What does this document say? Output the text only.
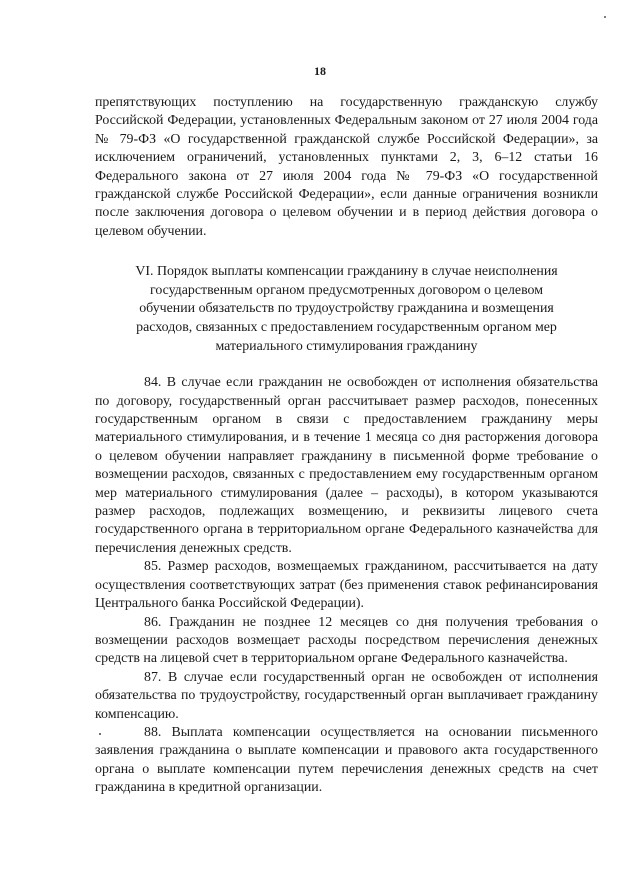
18

препятствующих поступлению на государственную гражданскую службу Российской Федерации, установленных Федеральным законом от 27 июля 2004 года № 79-ФЗ «О государственной гражданской службе Российской Федерации», за исключением ограничений, установленных пунктами 2, 3, 6–12 статьи 16 Федерального закона от 27 июля 2004 года № 79-ФЗ «О государственной гражданской службе Российской Федерации», если данные ограничения возникли после заключения договора о целевом обучении и в период действия договора о целевом обучении.

VI. Порядок выплаты компенсации гражданину в случае неисполнения государственным органом предусмотренных договором о целевом обучении обязательств по трудоустройству гражданина и возмещения расходов, связанных с предоставлением государственным органом мер материального стимулирования гражданину

84. В случае если гражданин не освобожден от исполнения обязательства по договору, государственный орган рассчитывает размер расходов, понесенных государственным органом в связи с предоставлением гражданину меры материального стимулирования, и в течение 1 месяца со дня расторжения договора о целевом обучении направляет гражданину в письменной форме требование о возмещении расходов, связанных с предоставлением ему государственным органом мер материального стимулирования (далее – расходы), в котором указываются размер расходов, подлежащих возмещению, и реквизиты лицевого счета государственного органа в территориальном органе Федерального казначейства для перечисления денежных средств.

85. Размер расходов, возмещаемых гражданином, рассчитывается на дату осуществления соответствующих затрат (без применения ставок рефинансирования Центрального банка Российской Федерации).

86. Гражданин не позднее 12 месяцев со дня получения требования о возмещении расходов возмещает расходы посредством перечисления денежных средств на лицевой счет в территориальном органе Федерального казначейства.

87. В случае если государственный орган не освобожден от исполнения обязательства по трудоустройству, государственный орган выплачивает гражданину компенсацию.

88. Выплата компенсации осуществляется на основании письменного заявления гражданина о выплате компенсации и правового акта государственного органа о выплате компенсации путем перечисления денежных средств на счет гражданина в кредитной организации.
